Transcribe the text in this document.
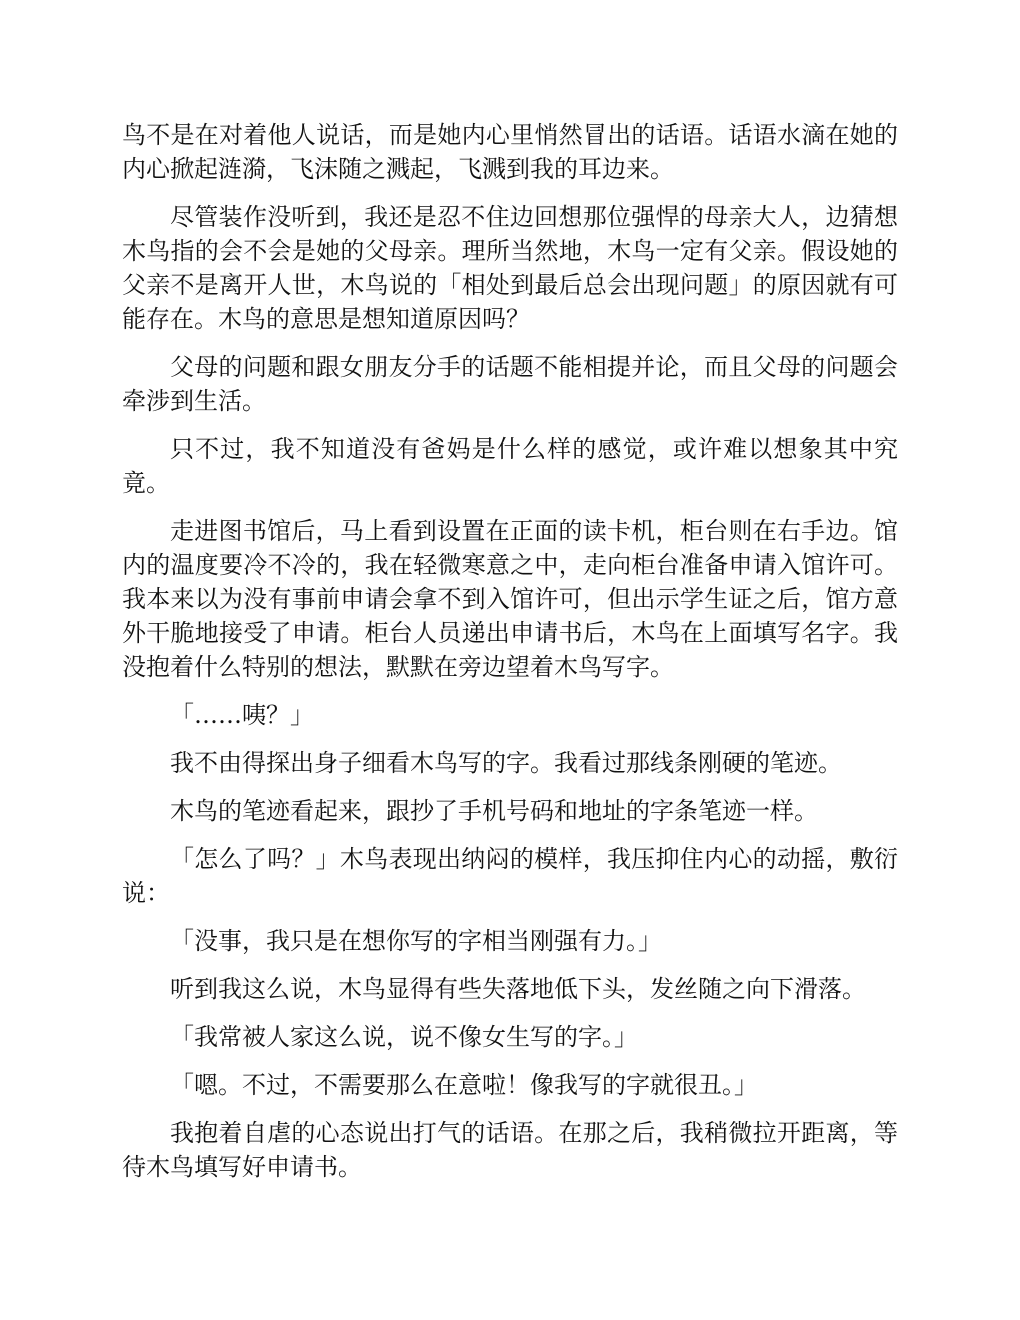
鸟不是在对着他人说话，而是她内心里悄然冒出的话语。话语水滴在她的内心掀起涟漪，飞沫随之溅起，飞溅到我的耳边来。

尽管装作没听到，我还是忍不住边回想那位强悍的母亲大人，边猜想木鸟指的会不会是她的父母亲。理所当然地，木鸟一定有父亲。假设她的父亲不是离开人世，木鸟说的「相处到最后总会出现问题」的原因就有可能存在。木鸟的意思是想知道原因吗？

父母的问题和跟女朋友分手的话题不能相提并论，而且父母的问题会牵涉到生活。

只不过，我不知道没有爸妈是什么样的感觉，或许难以想象其中究竟。

走进图书馆后，马上看到设置在正面的读卡机，柜台则在右手边。馆内的温度要冷不冷的，我在轻微寒意之中，走向柜台准备申请入馆许可。我本来以为没有事前申请会拿不到入馆许可，但出示学生证之后，馆方意外干脆地接受了申请。柜台人员递出申请书后，木鸟在上面填写名字。我没抱着什么特别的想法，默默在旁边望着木鸟写字。

「……咦？」

我不由得探出身子细看木鸟写的字。我看过那线条刚硬的笔迹。

木鸟的笔迹看起来，跟抄了手机号码和地址的字条笔迹一样。

「怎么了吗？」木鸟表现出纳闷的模样，我压抑住内心的动摇，敷衍说：

「没事，我只是在想你写的字相当刚强有力。」

听到我这么说，木鸟显得有些失落地低下头，发丝随之向下滑落。

「我常被人家这么说，说不像女生写的字。」

「嗯。不过，不需要那么在意啦！像我写的字就很丑。」

我抱着自虐的心态说出打气的话语。在那之后，我稍微拉开距离，等待木鸟填写好申请书。
